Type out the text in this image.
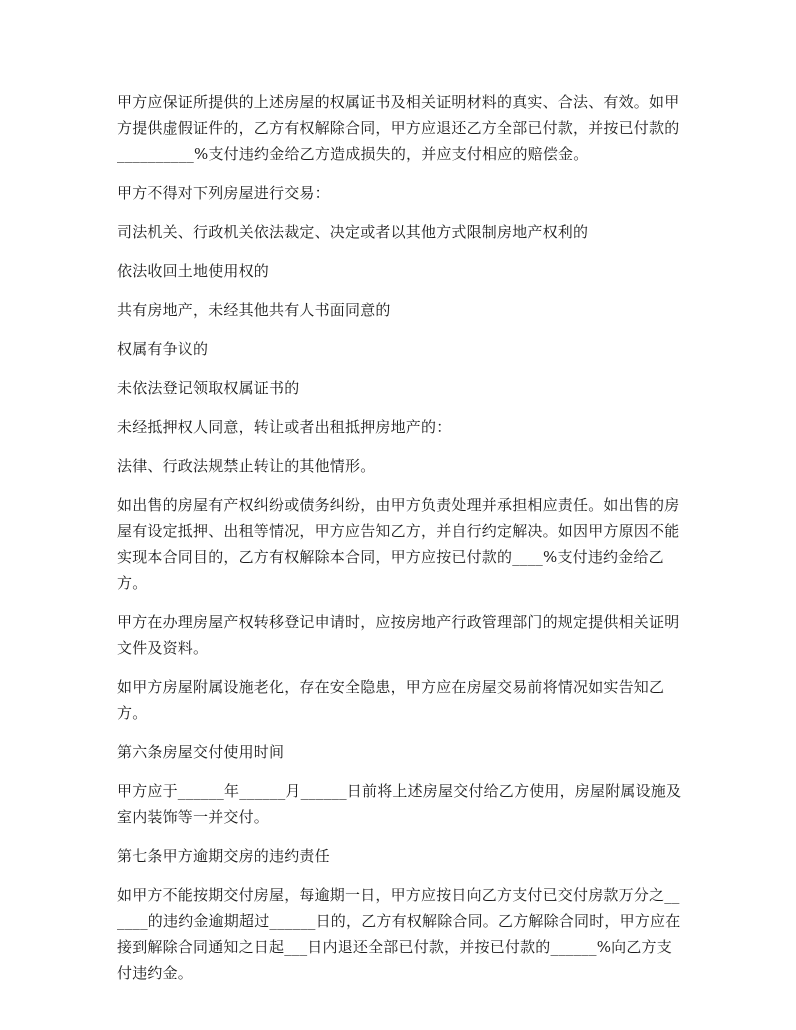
甲方应保证所提供的上述房屋的权属证书及相关证明材料的真实、合法、有效。如甲方提供虚假证件的，乙方有权解除合同，甲方应退还乙方全部已付款，并按已付款的__________%支付违约金给乙方造成损失的，并应支付相应的赔偿金。

甲方不得对下列房屋进行交易：

司法机关、行政机关依法裁定、决定或者以其他方式限制房地产权利的

依法收回土地使用权的

共有房地产，未经其他共有人书面同意的

权属有争议的

未依法登记领取权属证书的

未经抵押权人同意，转让或者出租抵押房地产的：

法律、行政法规禁止转让的其他情形。

如出售的房屋有产权纠纷或债务纠纷，由甲方负责处理并承担相应责任。如出售的房屋有设定抵押、出租等情况，甲方应告知乙方，并自行约定解决。如因甲方原因不能实现本合同目的，乙方有权解除本合同，甲方应按已付款的____%支付违约金给乙方。

甲方在办理房屋产权转移登记申请时，应按房地产行政管理部门的规定提供相关证明文件及资料。

如甲方房屋附属设施老化，存在安全隐患，甲方应在房屋交易前将情况如实告知乙方。

第六条房屋交付使用时间

甲方应于______年______月______日前将上述房屋交付给乙方使用，房屋附属设施及室内装饰等一并交付。

第七条甲方逾期交房的违约责任

如甲方不能按期交付房屋，每逾期一日，甲方应按日向乙方支付已交付房款万分之______的违约金逾期超过______日的，乙方有权解除合同。乙方解除合同时，甲方应在接到解除合同通知之日起___日内退还全部已付款，并按已付款的______%向乙方支付违约金。
